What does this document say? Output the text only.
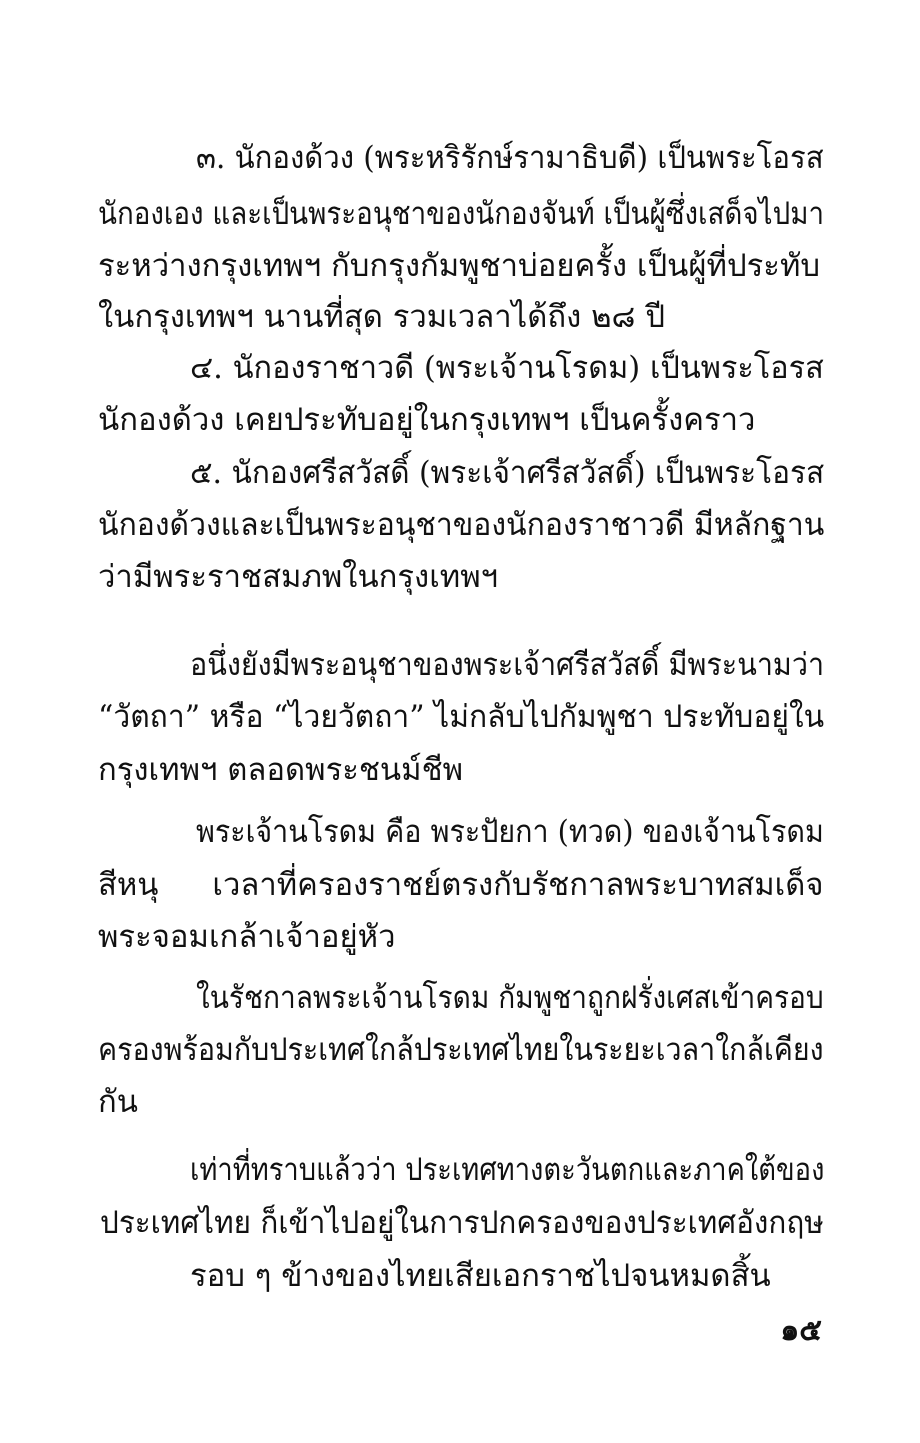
๓. นักองด้วง (พระหริรักษ์รามาธิบดี) เป็นพระโอรส
นักองเอง และเป็นพระอนุชาของนักองจันท์ เป็นผู้ซึ่งเสด็จไปมา
ระหว่างกรุงเทพฯ กับกรุงกัมพูชาบ่อยครั้ง เป็นผู้ที่ประทับ
ในกรุงเทพฯ นานที่สุด รวมเวลาได้ถึง ๒๘ ปี
๔. นักองราชาวดี (พระเจ้านโรดม) เป็นพระโอรส
นักองด้วง เคยประทับอยู่ในกรุงเทพฯ เป็นครั้งคราว
๕. นักองศรีสวัสดิ์ (พระเจ้าศรีสวัสดิ์) เป็นพระโอรส
นักองด้วงและเป็นพระอนุชาของนักองราชาวดี มีหลักฐาน
ว่ามีพระราชสมภพในกรุงเทพฯ
อนึ่งยังมีพระอนุชาของพระเจ้าศรีสวัสดิ์ มีพระนามว่า
“วัตถา” หรือ “ไวยวัตถา” ไม่กลับไปกัมพูชา ประทับอยู่ใน
กรุงเทพฯ ตลอดพระชนม์ชีพ
พระเจ้านโรดม คือ พระปัยกา (ทวด) ของเจ้านโรดม
สีหนุ เวลาที่ครองราชย์ตรงกับรัชกาลพระบาทสมเด็จ
พระจอมเกล้าเจ้าอยู่หัว
ในรัชกาลพระเจ้านโรดม กัมพูชาถูกฝรั่งเศสเข้าครอบ
ครองพร้อมกับประเทศใกล้ประเทศไทยในระยะเวลาใกล้เคียง
กัน
เท่าที่ทราบแล้วว่า ประเทศทางตะวันตกและภาคใต้ของ
ประเทศไทย ก็เข้าไปอยู่ในการปกครองของประเทศอังกฤษ
รอบ ๆ ข้างของไทยเสียเอกราชไปจนหมดสิ้น
๑๕
